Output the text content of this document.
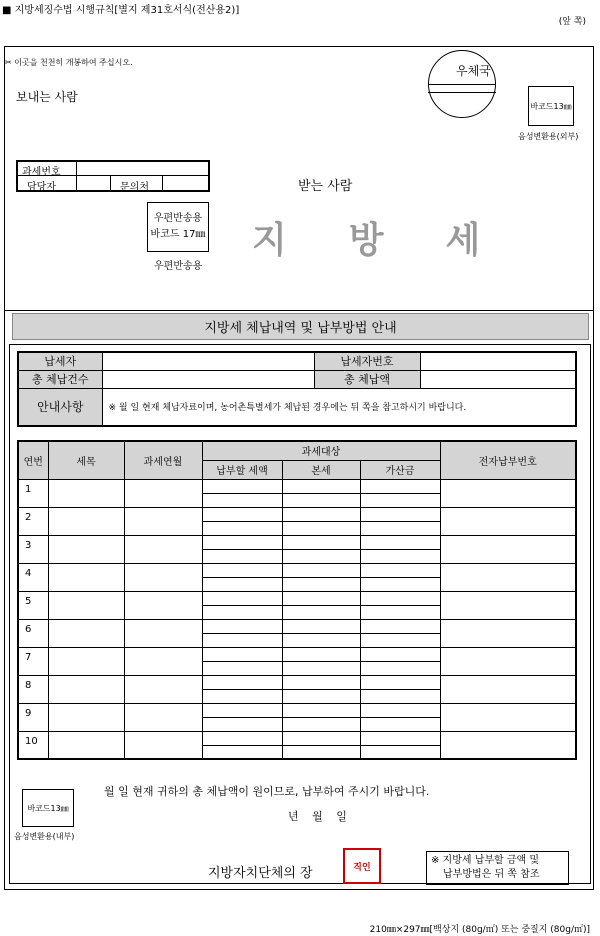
■ 지방세징수법 시행규칙[별지 제31호서식(전산용2)]
(앞 쪽)
✂ 이곳을 천천히 개봉하여 주십시오.
보내는 사람
우체국
바코드13㎜
음성변환용(외부)
과세번호
담당자	문의처	받는 사람
우편반송용
바코드 17㎜
우편반송용
지방세
지방세 체납내역 및 납부방법 안내
납세자		납세자번호	
총 체납건수		총 체납액	
안내사항	※ 월 일 현재 체납자료이며, 농어촌특별세가 체납된 경우에는 뒤 쪽을 참고하시기 바랍니다.		
연번	세목	과세연월	과세대상			전자납부번호
			납부할 세액	본세	가산금	
1						

2						

3						

4						

5						

6						

7						

8						

9						

10						

바코드13㎜
음성변환용(내부)
월 일 현재 귀하의 총 체납액이 원이므로, 납부하여 주시기 바랍니다.
년 월 일
지방자치단체의 장	직인
※ 지방세 납부할 금액 및
납부방법은 뒤 쪽 참조
210㎜×297㎜[백상지 (80g/㎡) 또는 중질지 (80g/㎡)]
